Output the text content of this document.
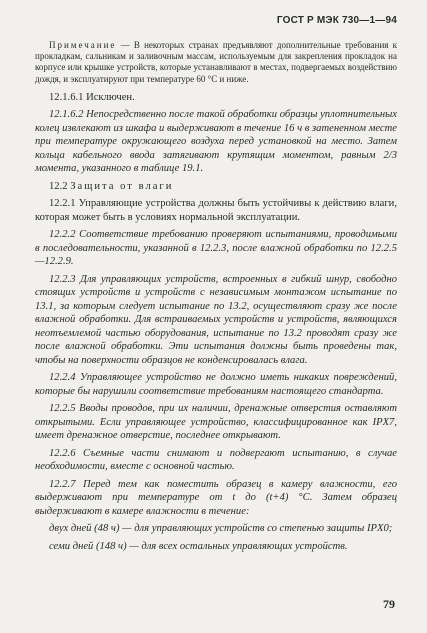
ГОСТ Р МЭК 730—1—94

Примечание — В некоторых странах предъявляют дополнительные требования к прокладкам, сальникам и заливочным массам, используемым для закрепления прокладок на корпусе или крышке устройств, которые устанавливают в местах, подвергаемых воздействию дождя, и эксплуатируют при температуре 60 °C и ниже.

12.1.6.1 Исключен.

12.1.6.2 Непосредственно после такой обработки образцы уплотнительных колец извлекают из шкафа и выдерживают в течение 16 ч в затененном месте при температуре окружающего воздуха перед установкой на место. Затем кольца кабельного ввода затягивают крутящим моментом, равным 2/3 момента, указанного в таблице 19.1.

12.2 Защита от влаги

12.2.1 Управляющие устройства должны быть устойчивы к действию влаги, которая может быть в условиях нормальной эксплуатации.

12.2.2 Соответствие требованию проверяют испытаниями, проводимыми в последовательности, указанной в 12.2.3, после влажной обработки по 12.2.5—12.2.9.

12.2.3 Для управляющих устройств, встроенных в гибкий шнур, свободно стоящих устройств и устройств с независимым монтажом испытание по 13.1, за которым следует испытание по 13.2, осуществляют сразу же после влажной обработки. Для встраиваемых устройств и устройств, являющихся неотъемлемой частью оборудования, испытание по 13.2 проводят сразу же после влажной обработки. Эти испытания должны быть проведены так, чтобы на поверхности образцов не конденсировалась влага.

12.2.4 Управляющее устройство не должно иметь никаких повреждений, которые бы нарушили соответствие требованиям настоящего стандарта.

12.2.5 Вводы проводов, при их наличии, дренажные отверстия оставляют открытыми. Если управляющее устройство, классифицированное как IPX7, имеет дренажное отверстие, последнее открывают.

12.2.6 Съемные части снимают и подвергают испытанию, в случае необходимости, вместе с основной частью.

12.2.7 Перед тем как поместить образец в камеру влажности, его выдерживают при температуре от t до (t+4) °С. Затем образец выдерживают в камере влажности в течение:

двух дней (48 ч) — для управляющих устройств со степенью защиты IPX0;

семи дней (148 ч) — для всех остальных управляющих устройств.

79
